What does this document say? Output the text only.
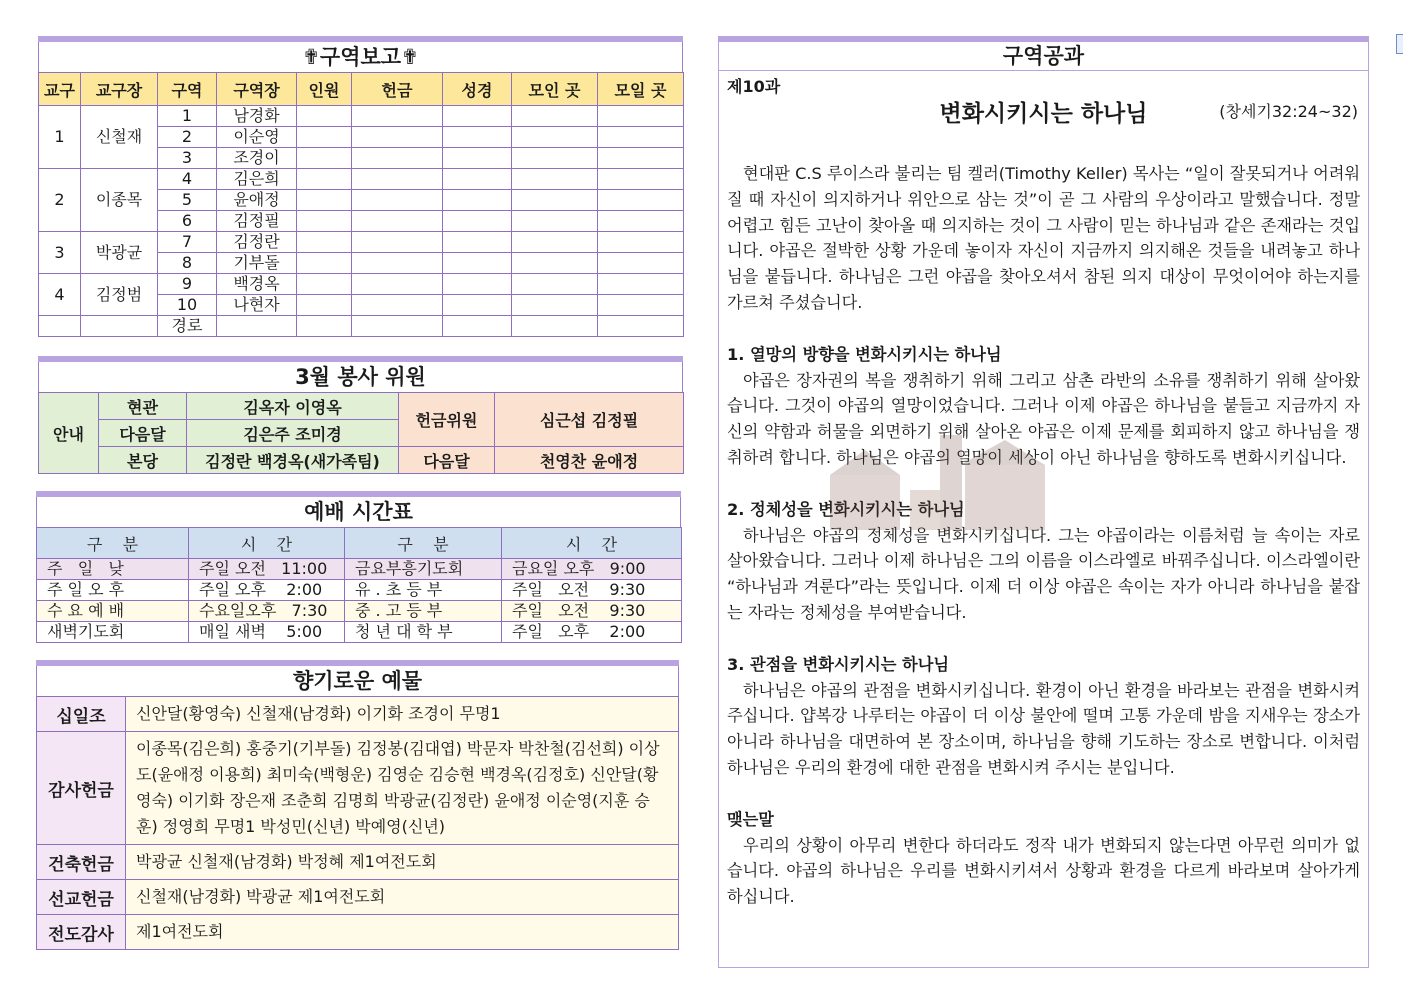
✟구역보고✟
교구	교구장	구역	구역장	인원	헌금	성경	모인 곳	모일 곳
1	신철재	1	남경화					
		2	이순영					
		3	조경이					
2	이종목	4	김은희					
		5	윤애정					
		6	김정필					
3	박광균	7	김정란					
		8	기부돌					
4	김정범	9	백경옥					
		10	나현자					
		경로						
3월 봉사 위원
안내	현관	김옥자 이영옥	헌금위원	심근섭 김정필
	다음달	김은주 조미경		
	본당	김정란 백경옥(새가족팀)	다음달	천영찬 윤애정
예배 시간표
구    분	시    간	구    분	시    간
주   일   낮	주일 오전   11:00	금요부흥기도회	금요일 오후   9:00
주 일 오 후	주일 오후    2:00	유 . 초 등 부	주일   오전    9:30
수 요 예 배	수요일오후   7:30	중 . 고 등 부	주일   오전    9:30
새벽기도회	매일 새벽    5:00	청 년 대 학 부	주일   오후    2:00
향기로운 예물
십일조	신안달(황영숙) 신철재(남경화) 이기화 조경이 무명1
감사헌금	이종목(김은희) 홍중기(기부돌) 김정봉(김대엽) 박문자 박찬철(김선희) 이상도(윤애정 이용희) 최미숙(백형운) 김영순 김승현 백경옥(김정호) 신안달(황영숙) 이기화 장은재 조춘희 김명희 박광균(김정란) 윤애정 이순영(지훈 승훈) 정영희 무명1 박성민(신년) 박예영(신년)
건축헌금	박광균 신철재(남경화) 박정혜 제1여전도회
선교헌금	신철재(남경화) 박광균 제1여전도회
전도감사	제1여전도회
구역공과
제10과
변화시키시는 하나님	(창세기32:24~32)

현대판 C.S 루이스라 불리는 팀 켈러(Timothy Keller) 목사는 “일이 잘못되거나 어려워질 때 자신이 의지하거나 위안으로 삼는 것”이 곧 그 사람의 우상이라고 말했습니다. 정말 어렵고 힘든 고난이 찾아올 때 의지하는 것이 그 사람이 믿는 하나님과 같은 존재라는 것입니다. 야곱은 절박한 상황 가운데 놓이자 자신이 지금까지 의지해온 것들을 내려놓고 하나님을 붙듭니다. 하나님은 그런 야곱을 찾아오셔서 참된 의지 대상이 무엇이어야 하는지를 가르쳐 주셨습니다.

1. 열망의 방향을 변화시키시는 하나님

야곱은 장자권의 복을 쟁취하기 위해 그리고 삼촌 라반의 소유를 쟁취하기 위해 살아왔습니다. 그것이 야곱의 열망이었습니다. 그러나 이제 야곱은 하나님을 붙들고 지금까지 자신의 약함과 허물을 외면하기 위해 살아온 야곱은 이제 문제를 회피하지 않고 하나님을 쟁취하려 합니다. 하나님은 야곱의 열망이 세상이 아닌 하나님을 향하도록 변화시키십니다.

2. 정체성을 변화시키시는 하나님

하나님은 야곱의 정체성을 변화시키십니다. 그는 야곱이라는 이름처럼 늘 속이는 자로 살아왔습니다. 그러나 이제 하나님은 그의 이름을 이스라엘로 바꿔주십니다. 이스라엘이란 “하나님과 겨룬다”라는 뜻입니다. 이제 더 이상 야곱은 속이는 자가 아니라 하나님을 붙잡는 자라는 정체성을 부여받습니다.

3. 관점을 변화시키시는 하나님

하나님은 야곱의 관점을 변화시키십니다. 환경이 아닌 환경을 바라보는 관점을 변화시켜 주십니다. 얍복강 나루터는 야곱이 더 이상 불안에 떨며 고통 가운데 밤을 지새우는 장소가 아니라 하나님을 대면하여 본 장소이며, 하나님을 향해 기도하는 장소로 변합니다. 이처럼 하나님은 우리의 환경에 대한 관점을 변화시켜 주시는 분입니다.

맺는말

우리의 상황이 아무리 변한다 하더라도 정작 내가 변화되지 않는다면 아무런 의미가 없습니다. 야곱의 하나님은 우리를 변화시키셔서 상황과 환경을 다르게 바라보며 살아가게 하십니다.
